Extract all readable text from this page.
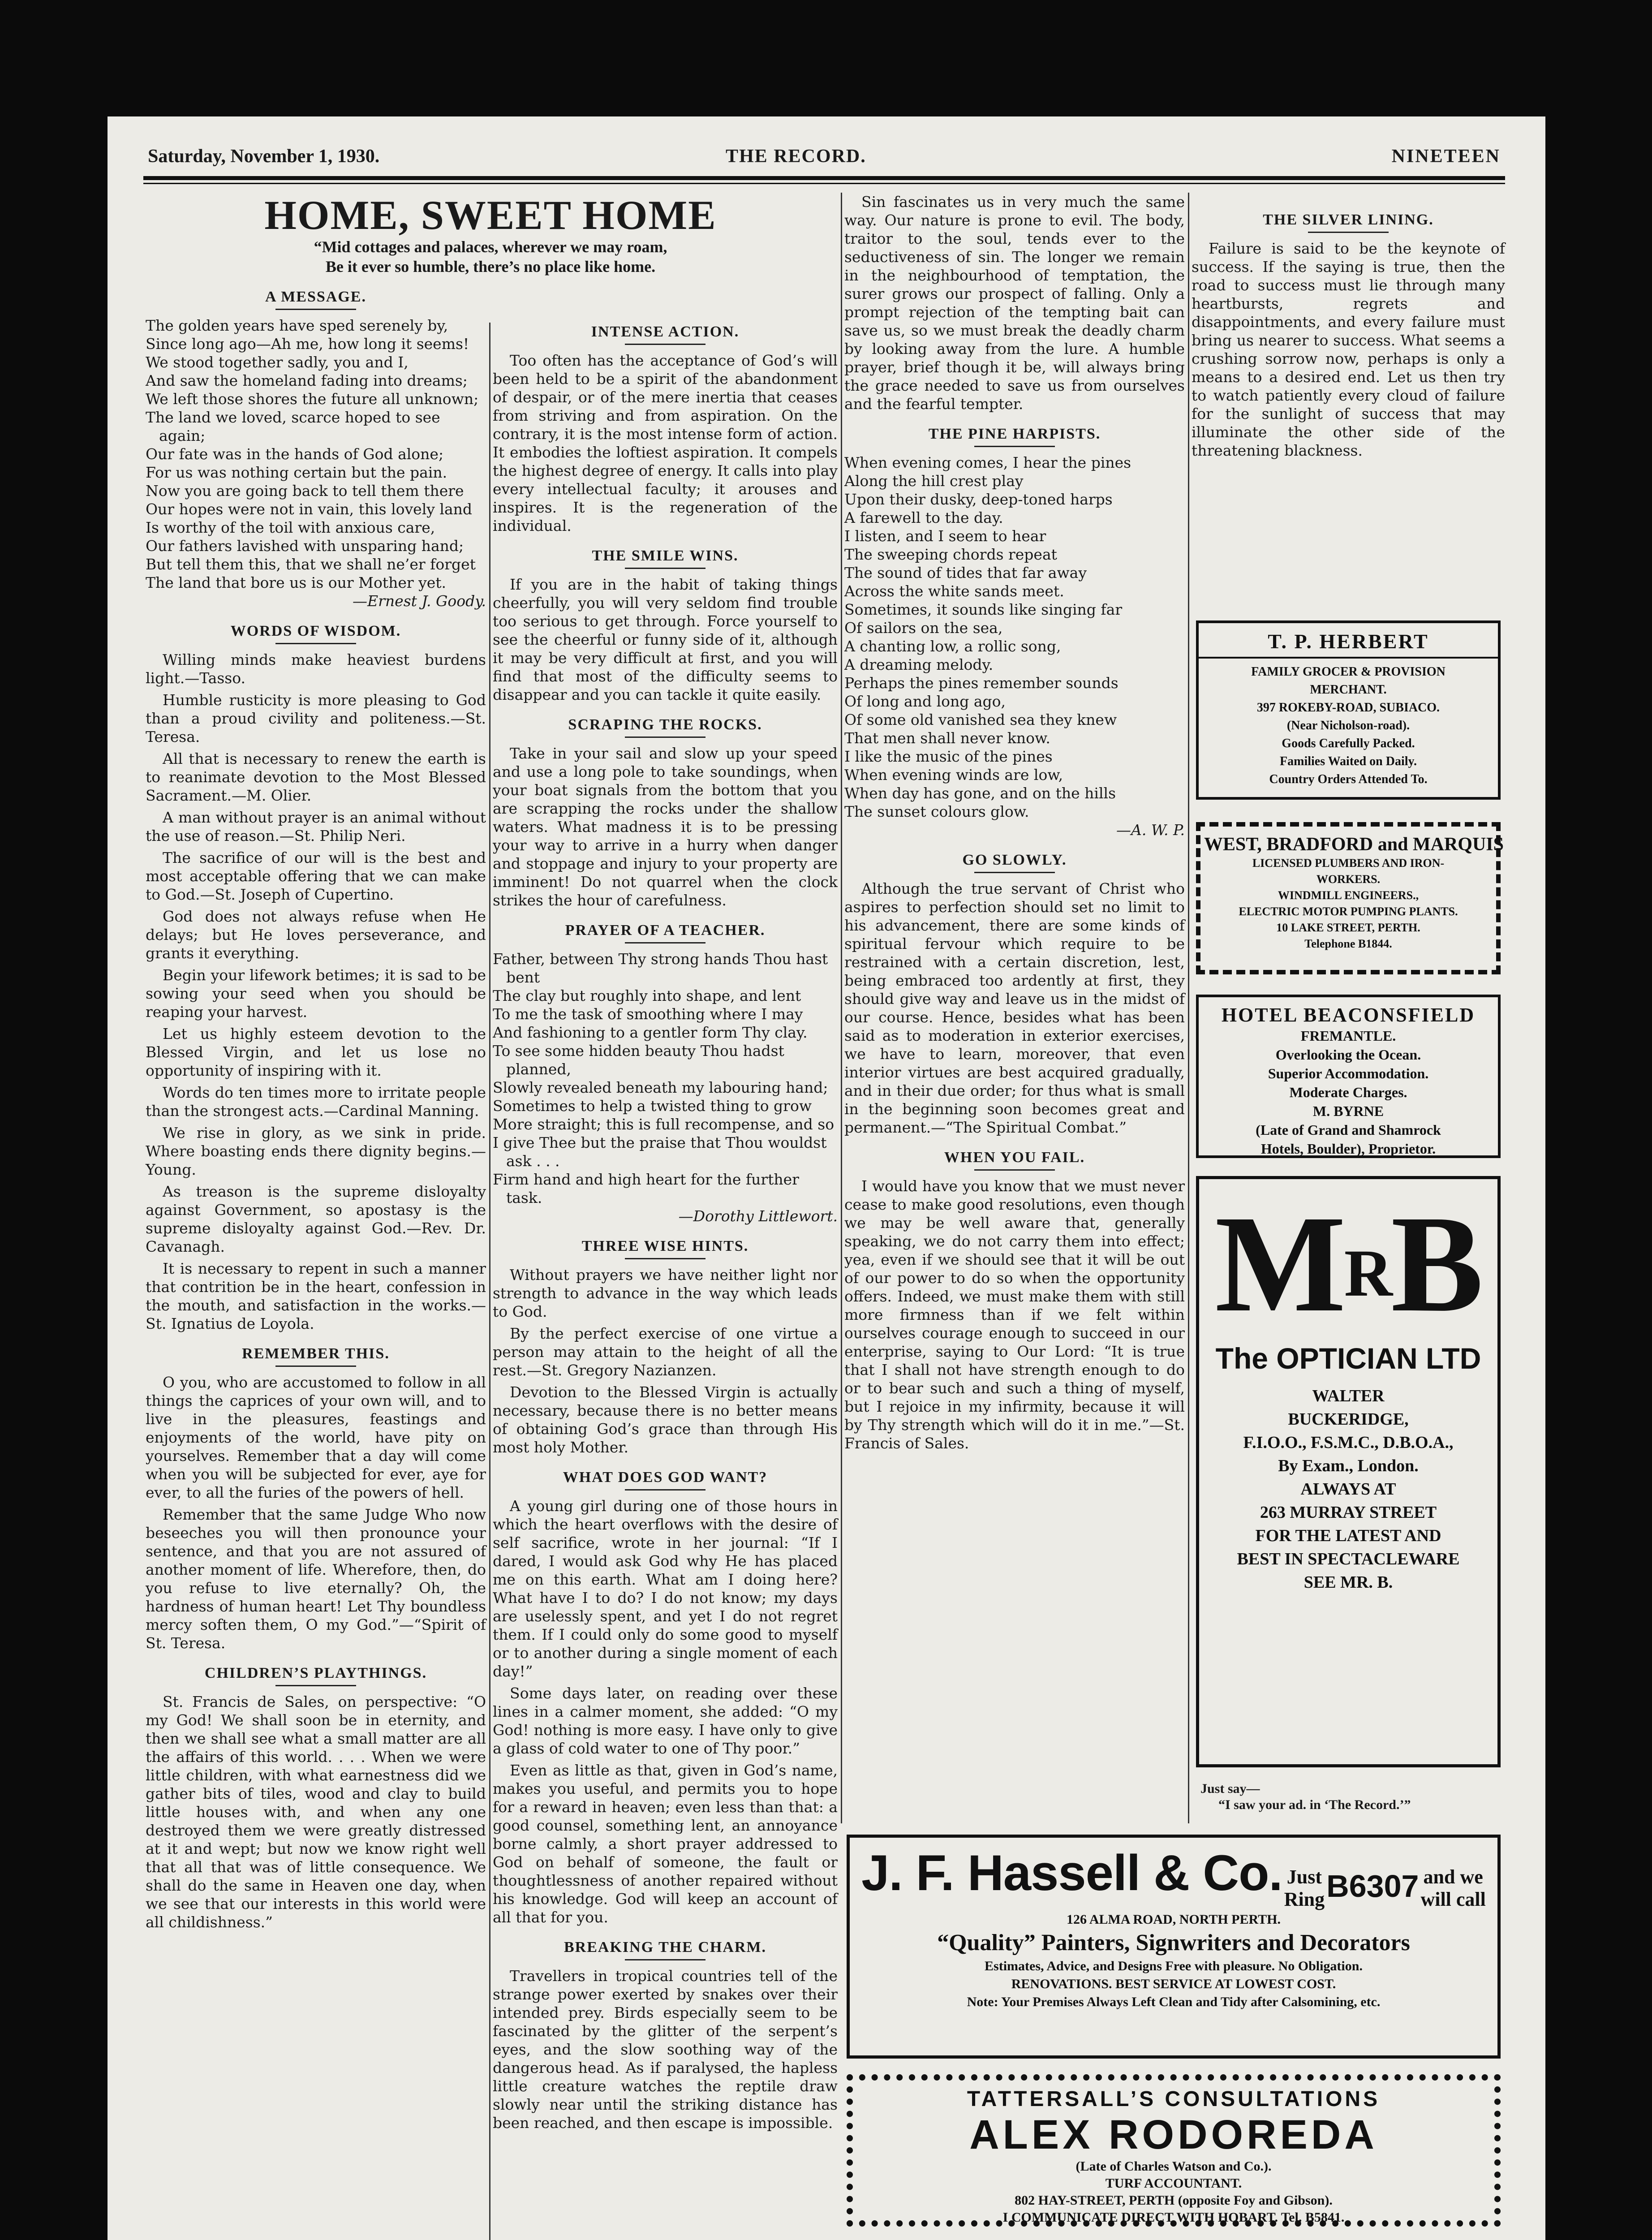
Saturday, November 1, 1930.	THE RECORD.	NINETEEN
HOME, SWEET HOME

“Mid cottages and palaces, wherever we may roam,

Be it ever so humble, there’s no place like home.

A MESSAGE.
The golden years have sped serenely by,
Since long ago—Ah me, how long it seems!
We stood together sadly, you and I,
And saw the homeland fading into dreams;
We left those shores the future all unknown;
The land we loved, scarce hoped to see again;
Our fate was in the hands of God alone;
For us was nothing certain but the pain.
Now you are going back to tell them there
Our hopes were not in vain, this lovely land
Is worthy of the toil with anxious care,
Our fathers lavished with unsparing hand;
But tell them this, that we shall ne’er forget
The land that bore us is our Mother yet.

—Ernest J. Goody.

WORDS OF WISDOM.

Willing minds make heaviest burdens light.—Tasso.

Humble rusticity is more pleasing to God than a proud civility and politeness.—St. Teresa.

All that is necessary to renew the earth is to reanimate devotion to the Most Blessed Sacrament.—M. Olier.

A man without prayer is an animal without the use of reason.—St. Philip Neri.

The sacrifice of our will is the best and most acceptable offering that we can make to God.—St. Joseph of Cupertino.

God does not always refuse when He delays; but He loves perseverance, and grants it everything.

Begin your lifework betimes; it is sad to be sowing your seed when you should be reaping your harvest.

Let us highly esteem devotion to the Blessed Virgin, and let us lose no opportunity of inspiring with it.

Words do ten times more to irritate people than the strongest acts.—Cardinal Manning.

We rise in glory, as we sink in pride. Where boasting ends there dignity begins.—Young.

As treason is the supreme disloyalty against Government, so apostasy is the supreme disloyalty against God.—Rev. Dr. Cavanagh.

It is necessary to repent in such a manner that contrition be in the heart, confession in the mouth, and satisfaction in the works.—St. Ignatius de Loyola.

REMEMBER THIS.

O you, who are accustomed to follow in all things the caprices of your own will, and to live in the pleasures, feastings and enjoyments of the world, have pity on yourselves. Remember that a day will come when you will be subjected for ever, aye for ever, to all the furies of the powers of hell.

Remember that the same Judge Who now beseeches you will then pronounce your sentence, and that you are not assured of another moment of life. Wherefore, then, do you refuse to live eternally? Oh, the hardness of human heart! Let Thy boundless mercy soften them, O my God.”—“Spirit of St. Teresa.

CHILDREN’S PLAYTHINGS.

St. Francis de Sales, on perspective: “O my God! We shall soon be in eternity, and then we shall see what a small matter are all the affairs of this world. . . . When we were little children, with what earnestness did we gather bits of tiles, wood and clay to build little houses with, and when any one destroyed them we were greatly distressed at it and wept; but now we know right well that all that was of little consequence. We shall do the same in Heaven one day, when we see that our interests in this world were all childishness.”

INTENSE ACTION.

Too often has the acceptance of God’s will been held to be a spirit of the abandonment of despair, or of the mere inertia that ceases from striving and from aspiration. On the contrary, it is the most intense form of action. It embodies the loftiest aspiration. It compels the highest degree of energy. It calls into play every intellectual faculty; it arouses and inspires. It is the regeneration of the individual.

THE SMILE WINS.

If you are in the habit of taking things cheerfully, you will very seldom find trouble too serious to get through. Force yourself to see the cheerful or funny side of it, although it may be very difficult at first, and you will find that most of the difficulty seems to disappear and you can tackle it quite easily.

SCRAPING THE ROCKS.

Take in your sail and slow up your speed and use a long pole to take soundings, when your boat signals from the bottom that you are scrapping the rocks under the shallow waters. What madness it is to be pressing your way to arrive in a hurry when danger and stoppage and injury to your property are imminent! Do not quarrel when the clock strikes the hour of carefulness.

PRAYER OF A TEACHER.
Father, between Thy strong hands Thou hast bent
The clay but roughly into shape, and lent
To me the task of smoothing where I may
And fashioning to a gentler form Thy clay.
To see some hidden beauty Thou hadst planned,
Slowly revealed beneath my labouring hand;
Sometimes to help a twisted thing to grow
More straight; this is full recompense, and so
I give Thee but the praise that Thou wouldst ask . . .
Firm hand and high heart for the further task.

—Dorothy Littlewort.

THREE WISE HINTS.

Without prayers we have neither light nor strength to advance in the way which leads to God.

By the perfect exercise of one virtue a person may attain to the height of all the rest.—St. Gregory Nazianzen.

Devotion to the Blessed Virgin is actually necessary, because there is no better means of obtaining God’s grace than through His most holy Mother.

WHAT DOES GOD WANT?

A young girl during one of those hours in which the heart overflows with the desire of self sacrifice, wrote in her journal: “If I dared, I would ask God why He has placed me on this earth. What am I doing here? What have I to do? I do not know; my days are uselessly spent, and yet I do not regret them. If I could only do some good to myself or to another during a single moment of each day!”

Some days later, on reading over these lines in a calmer moment, she added: “O my God! nothing is more easy. I have only to give a glass of cold water to one of Thy poor.”

Even as little as that, given in God’s name, makes you useful, and permits you to hope for a reward in heaven; even less than that: a good counsel, something lent, an annoyance borne calmly, a short prayer addressed to God on behalf of someone, the fault or thoughtlessness of another repaired without his knowledge. God will keep an account of all that for you.

BREAKING THE CHARM.

Travellers in tropical countries tell of the strange power exerted by snakes over their intended prey. Birds especially seem to be fascinated by the glitter of the serpent’s eyes, and the slow soothing way of the dangerous head. As if paralysed, the hapless little creature watches the reptile draw slowly near until the striking distance has been reached, and then escape is impossible.

Sin fascinates us in very much the same way. Our nature is prone to evil. The body, traitor to the soul, tends ever to the seductiveness of sin. The longer we remain in the neighbourhood of temptation, the surer grows our prospect of falling. Only a prompt rejection of the tempting bait can save us, so we must break the deadly charm by looking away from the lure. A humble prayer, brief though it be, will always bring the grace needed to save us from ourselves and the fearful tempter.

THE PINE HARPISTS.
When evening comes, I hear the pines
Along the hill crest play
Upon their dusky, deep-toned harps
A farewell to the day.
I listen, and I seem to hear
The sweeping chords repeat
The sound of tides that far away
Across the white sands meet.
Sometimes, it sounds like singing far
Of sailors on the sea,
A chanting low, a rollic song,
A dreaming melody.
Perhaps the pines remember sounds
Of long and long ago,
Of some old vanished sea they knew
That men shall never know.
I like the music of the pines
When evening winds are low,
When day has gone, and on the hills
The sunset colours glow.

—A. W. P.

GO SLOWLY.

Although the true servant of Christ who aspires to perfection should set no limit to his advancement, there are some kinds of spiritual fervour which require to be restrained with a certain discretion, lest, being embraced too ardently at first, they should give way and leave us in the midst of our course. Hence, besides what has been said as to moderation in exterior exercises, we have to learn, moreover, that even interior virtues are best acquired gradually, and in their due order; for thus what is small in the beginning soon becomes great and permanent.—“The Spiritual Combat.”

WHEN YOU FAIL.

I would have you know that we must never cease to make good resolutions, even though we may be well aware that, generally speaking, we do not carry them into effect; yea, even if we should see that it will be out of our power to do so when the opportunity offers. Indeed, we must make them with still more firmness than if we felt within ourselves courage enough to succeed in our enterprise, saying to Our Lord: “It is true that I shall not have strength enough to do or to bear such and such a thing of myself, but I rejoice in my infirmity, because it will by Thy strength which will do it in me.”—St. Francis of Sales.

THE SILVER LINING.

Failure is said to be the keynote of success. If the saying is true, then the road to success must lie through many heartbursts, regrets and disappointments, and every failure must bring us nearer to success. What seems a crushing sorrow now, perhaps is only a means to a desired end. Let us then try to watch patiently every cloud of failure for the sunlight of success that may illuminate the other side of the threatening blackness.

T. P. HERBERT
FAMILY GROCER & PROVISION
MERCHANT.
397 ROKEBY-ROAD, SUBIACO.
(Near Nicholson-road).
Goods Carefully Packed.
Families Waited on Daily.
Country Orders Attended To.
WEST, BRADFORD and MARQUIS
LICENSED PLUMBERS AND IRON-
WORKERS.
WINDMILL ENGINEERS.,
ELECTRIC MOTOR PUMPING PLANTS.
10 LAKE STREET, PERTH.
Telephone B1844.
HOTEL BEACONSFIELD
FREMANTLE.
Overlooking the Ocean.
Superior Accommodation.
Moderate Charges.
M. BYRNE
(Late of Grand and Shamrock
Hotels, Boulder), Proprietor.
$M^RB$
The OPTICIAN LTD
WALTER
BUCKERIDGE,
F.I.O.O., F.S.M.C., D.B.O.A.,
By Exam., London.
ALWAYS AT
263 MURRAY STREET
FOR THE LATEST AND
BEST IN SPECTACLEWARE
SEE MR. B.
Just say—
“I saw your ad. in ‘The Record.’”
J. F. Hassell & Co. Just
Ring B6307 and we
will call
126 ALMA ROAD, NORTH PERTH.
“Quality” Painters, Signwriters and Decorators
Estimates, Advice, and Designs Free with pleasure. No Obligation.
RENOVATIONS. BEST SERVICE AT LOWEST COST.
Note: Your Premises Always Left Clean and Tidy after Calsomining, etc.
TATTERSALL’S CONSULTATIONS
ALEX RODOREDA
(Late of Charles Watson and Co.).
TURF ACCOUNTANT.
802 HAY-STREET, PERTH (opposite Foy and Gibson).
I COMMUNICATE DIRECT WITH HOBART. Tel. B5841.
